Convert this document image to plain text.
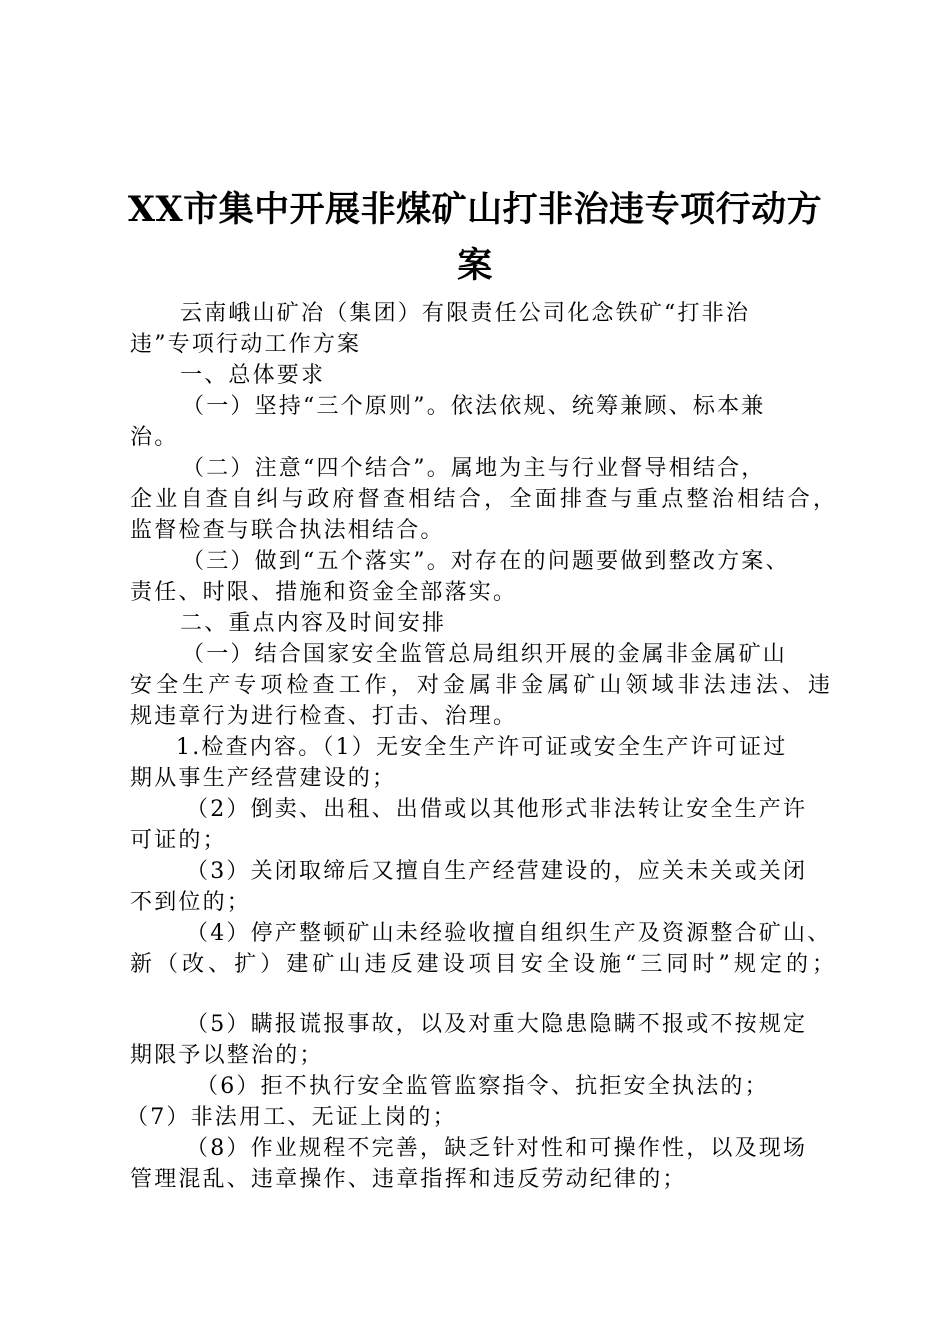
XX市集中开展非煤矿山打非治违专项行动方
案
云南峨山矿冶（集团）有限责任公司化念铁矿“打非治
违”专项行动工作方案
一、总体要求
（一）坚持“三个原则”。依法依规、统筹兼顾、标本兼
治。
（二）注意“四个结合”。属地为主与行业督导相结合，
企业自查自纠与政府督查相结合，全面排查与重点整治相结合，
监督检查与联合执法相结合。
（三）做到“五个落实”。对存在的问题要做到整改方案、
责任、时限、措施和资金全部落实。
二、重点内容及时间安排
（一）结合国家安全监管总局组织开展的金属非金属矿山
安全生产专项检查工作，对金属非金属矿山领域非法违法、违
规违章行为进行检查、打击、治理。
1.检查内容。（1）无安全生产许可证或安全生产许可证过
期从事生产经营建设的；
（2）倒卖、出租、出借或以其他形式非法转让安全生产许
可证的；
（3）关闭取缔后又擅自生产经营建设的，应关未关或关闭
不到位的；
（4）停产整顿矿山未经验收擅自组织生产及资源整合矿山、
新（改、扩）建矿山违反建设项目安全设施“三同时”规定的；
（5）瞒报谎报事故，以及对重大隐患隐瞒不报或不按规定
期限予以整治的；
（6）拒不执行安全监管监察指令、抗拒安全执法的；
（7）非法用工、无证上岗的；
（8）作业规程不完善，缺乏针对性和可操作性，以及现场
管理混乱、违章操作、违章指挥和违反劳动纪律的；
